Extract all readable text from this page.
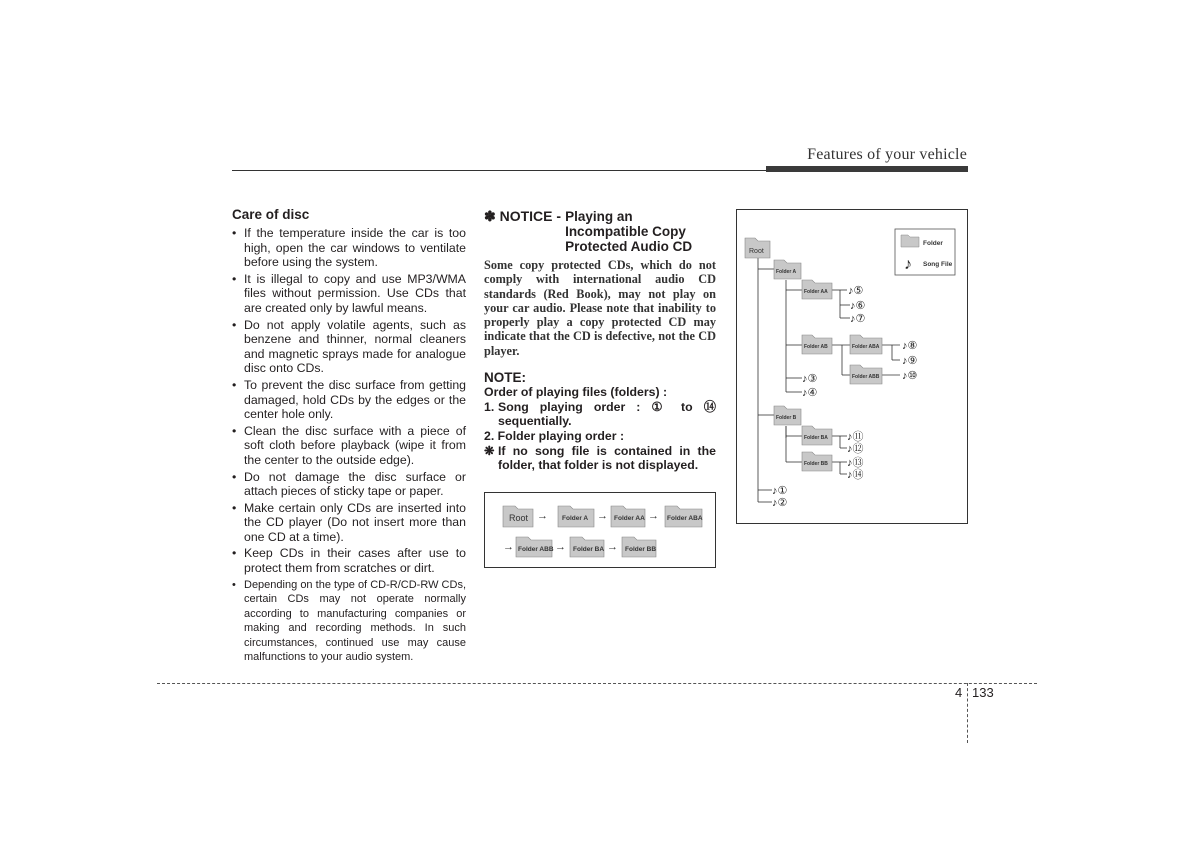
Features of your vehicle
Care of disc
• If the temperature inside the car is too high, open the car windows to ventilate before using the system.
• It is illegal to copy and use MP3/WMA files without permission. Use CDs that are created only by lawful means.
• Do not apply volatile agents, such as benzene and thinner, normal cleaners and magnetic sprays made for analogue disc onto CDs.
• To prevent the disc surface from getting damaged, hold CDs by the edges or the center hole only.
• Clean the disc surface with a piece of soft cloth before playback (wipe it from the center to the outside edge).
• Do not damage the disc surface or attach pieces of sticky tape or paper.
• Make certain only CDs are inserted into the CD player (Do not insert more than one CD at a time).
• Keep CDs in their cases after use to protect them from scratches or dirt.
• Depending on the type of CD-R/CD-RW CDs, certain CDs may not operate normally according to manufacturing companies or making and recording methods. In such circumstances, continued use may cause malfunctions to your audio system.
✽ NOTICE - Playing an Incompatible Copy Protected Audio CD
Some copy protected CDs, which do not comply with international audio CD standards (Red Book), may not play on your car audio. Please note that inability to properly play a copy protected CD may indicate that the CD is defective, not the CD player.
NOTE:
Order of playing files (folders) :
1. Song playing order : ① to ⑭ sequentially.
2. Folder playing order :
❋ If no song file is contained in the folder, that folder is not displayed.
Root → Folder A → Folder AA → Folder ABA
→ Folder ABB → Folder BA → Folder BB
Folder
♪ Song File
Root
Folder A
Folder AA
Folder AB	Folder ABA
Folder ABB
Folder B
Folder BA
Folder BB
♪①
♪②
♪③
♪④
♪⑤
♪⑥
♪⑦
♪⑧
♪⑨
♪⑩
♪⑪
♪⑫
♪⑬
♪⑭
4 133
